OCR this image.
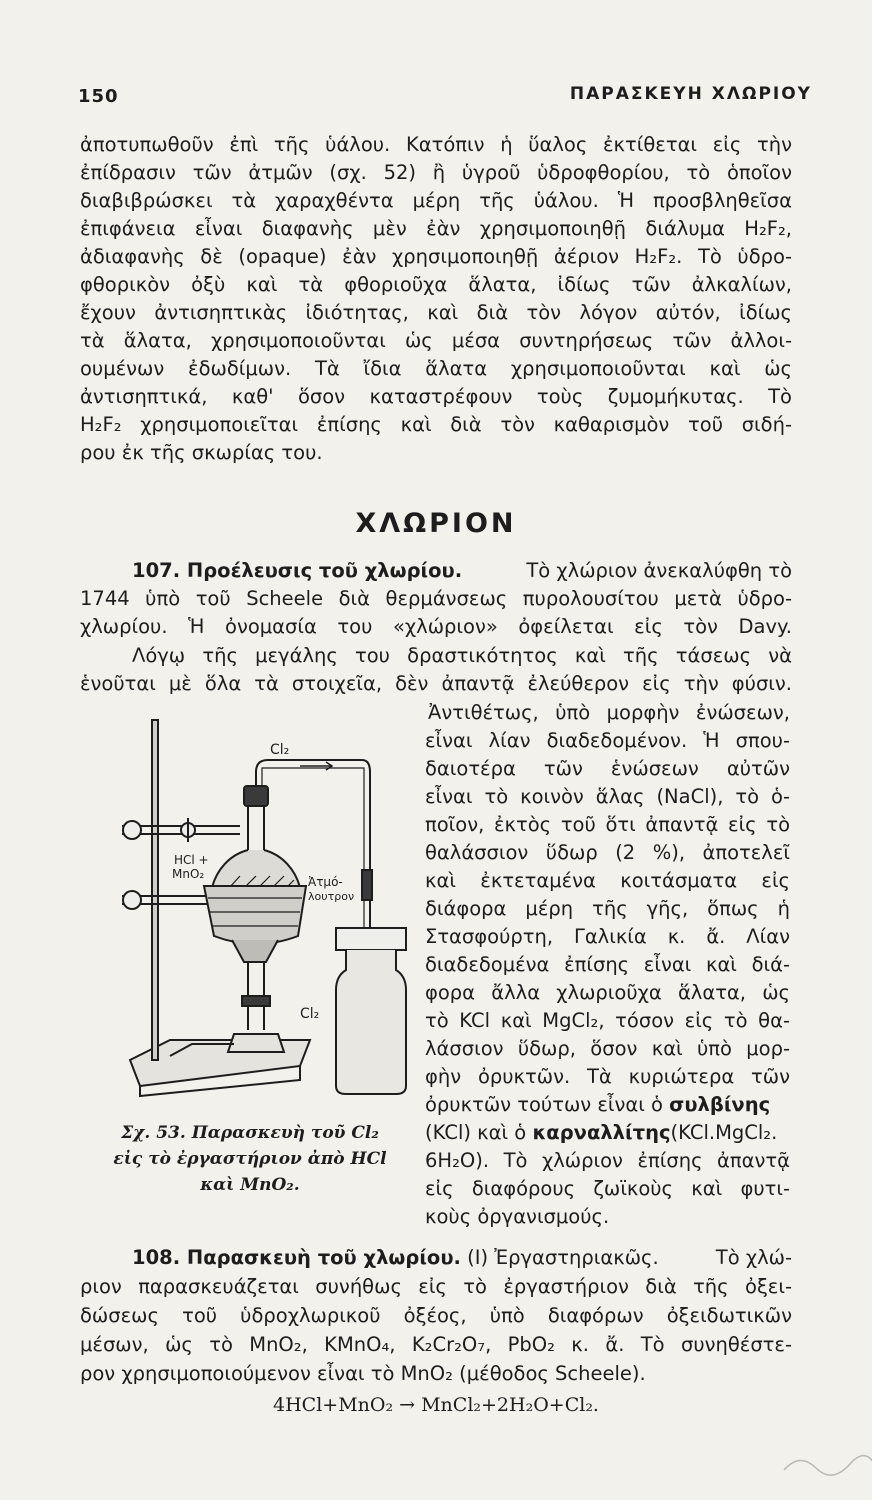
150	ΠΑΡΑΣΚΕΥΗ ΧΛΩΡΙΟΥ
ἀποτυπωθοῦν ἐπὶ τῆς ὑάλου. Κατόπιν ἡ ὕαλος ἐκτίθεται εἰς τὴν
ἐπίδρασιν τῶν ἀτμῶν (σχ. 52) ἢ ὑγροῦ ὑδροφθορίου, τὸ ὁποῖον
διαβιβρώσκει τὰ χαραχθέντα μέρη τῆς ὑάλου. Ἡ προσβληθεῖσα
ἐπιφάνεια εἶναι διαφανὴς μὲν ἐὰν χρησιμοποιηθῇ διάλυμα H₂F₂,
ἀδιαφανὴς δὲ (opaque) ἐὰν χρησιμοποιηθῇ ἀέριον H₂F₂. Τὸ ὑδρο-
φθορικὸν ὀξὺ καὶ τὰ φθοριοῦχα ἅλατα, ἰδίως τῶν ἀλκαλίων,
ἔχουν ἀντισηπτικὰς ἰδιότητας, καὶ διὰ τὸν λόγον αὐτόν, ἰδίως
τὰ ἅλατα, χρησιμοποιοῦνται ὡς μέσα συντηρήσεως τῶν ἀλλοι-
ουμένων ἐδωδίμων. Τὰ ἴδια ἅλατα χρησιμοποιοῦνται καὶ ὡς
ἀντισηπτικά, καθ' ὅσον καταστρέφουν τοὺς ζυμομήκυτας. Τὸ
H₂F₂ χρησιμοποιεῖται ἐπίσης καὶ διὰ τὸν καθαρισμὸν τοῦ σιδή-
ρου ἐκ τῆς σκωρίας του.
ΧΛΩΡΙΟΝ
107. Προέλευσις τοῦ χλωρίου.	Τὸ χλώριον ἀνεκαλύφθη τὸ
1744 ὑπὸ τοῦ Scheele διὰ θερμάνσεως πυρολουσίτου μετὰ ὑδρο-
χλωρίου. Ἡ ὀνομασία του «χλώριον» ὀφείλεται εἰς τὸν Davy.
Λόγῳ τῆς μεγάλης του δραστικότητος καὶ τῆς τάσεως νὰ
ἑνοῦται μὲ ὅλα τὰ στοιχεῖα, δὲν ἀπαντᾷ ἐλεύθερον εἰς τὴν φύσιν.
Ἀντιθέτως, ὑπὸ μορφὴν ἐνώσεων,
εἶναι λίαν διαδεδομένον. Ἡ σπου-
δαιοτέρα τῶν ἑνώσεων αὐτῶν
εἶναι τὸ κοινὸν ἅλας (NaCl), τὸ ὁ-
ποῖον, ἐκτὸς τοῦ ὅτι ἀπαντᾷ εἰς τὸ
θαλάσσιον ὕδωρ (2 %), ἀποτελεῖ
καὶ ἐκτεταμένα κοιτάσματα εἰς
διάφορα μέρη τῆς γῆς, ὅπως ἡ
Στασφούρτη, Γαλικία κ. ἄ. Λίαν
διαδεδομένα ἐπίσης εἶναι καὶ διά-
φορα ἄλλα χλωριοῦχα ἅλατα, ὡς
τὸ KCl καὶ MgCl₂, τόσον εἰς τὸ θα-
λάσσιον ὕδωρ, ὅσον καὶ ὑπὸ μορ-
φὴν ὀρυκτῶν. Τὰ κυριώτερα τῶν
ὀρυκτῶν τούτων εἶναι ὁ συλβίνης
(KCl) καὶ ὁ καρναλλίτης(KCl.MgCl₂.
6H₂O). Τὸ χλώριον ἐπίσης ἀπαντᾷ
εἰς διαφόρους ζωϊκοὺς καὶ φυτι-
κοὺς ὀργανισμούς.
Cl₂
HCl +
MnO₂
Ἀτμό-
λουτρον
Cl₂
Σχ. 53. Παρασκευὴ τοῦ Cl₂
εἰς τὸ ἐργαστήριον ἀπὸ HCl
καὶ MnO₂.
108. Παρασκευὴ τοῦ χλωρίου. (I) Ἐργαστηριακῶς.	Τὸ χλώ-
ριον παρασκευάζεται συνήθως εἰς τὸ ἐργαστήριον διὰ τῆς ὀξει-
δώσεως τοῦ ὑδροχλωρικοῦ ὀξέος, ὑπὸ διαφόρων ὀξειδωτικῶν
μέσων, ὡς τὸ MnO₂, KMnO₄, K₂Cr₂O₇, PbO₂ κ. ἄ. Τὸ συνηθέστε-
ρον χρησιμοποιούμενον εἶναι τὸ MnO₂ (μέθοδος Scheele).
4HCl+MnO₂ → MnCl₂+2H₂O+Cl₂.
